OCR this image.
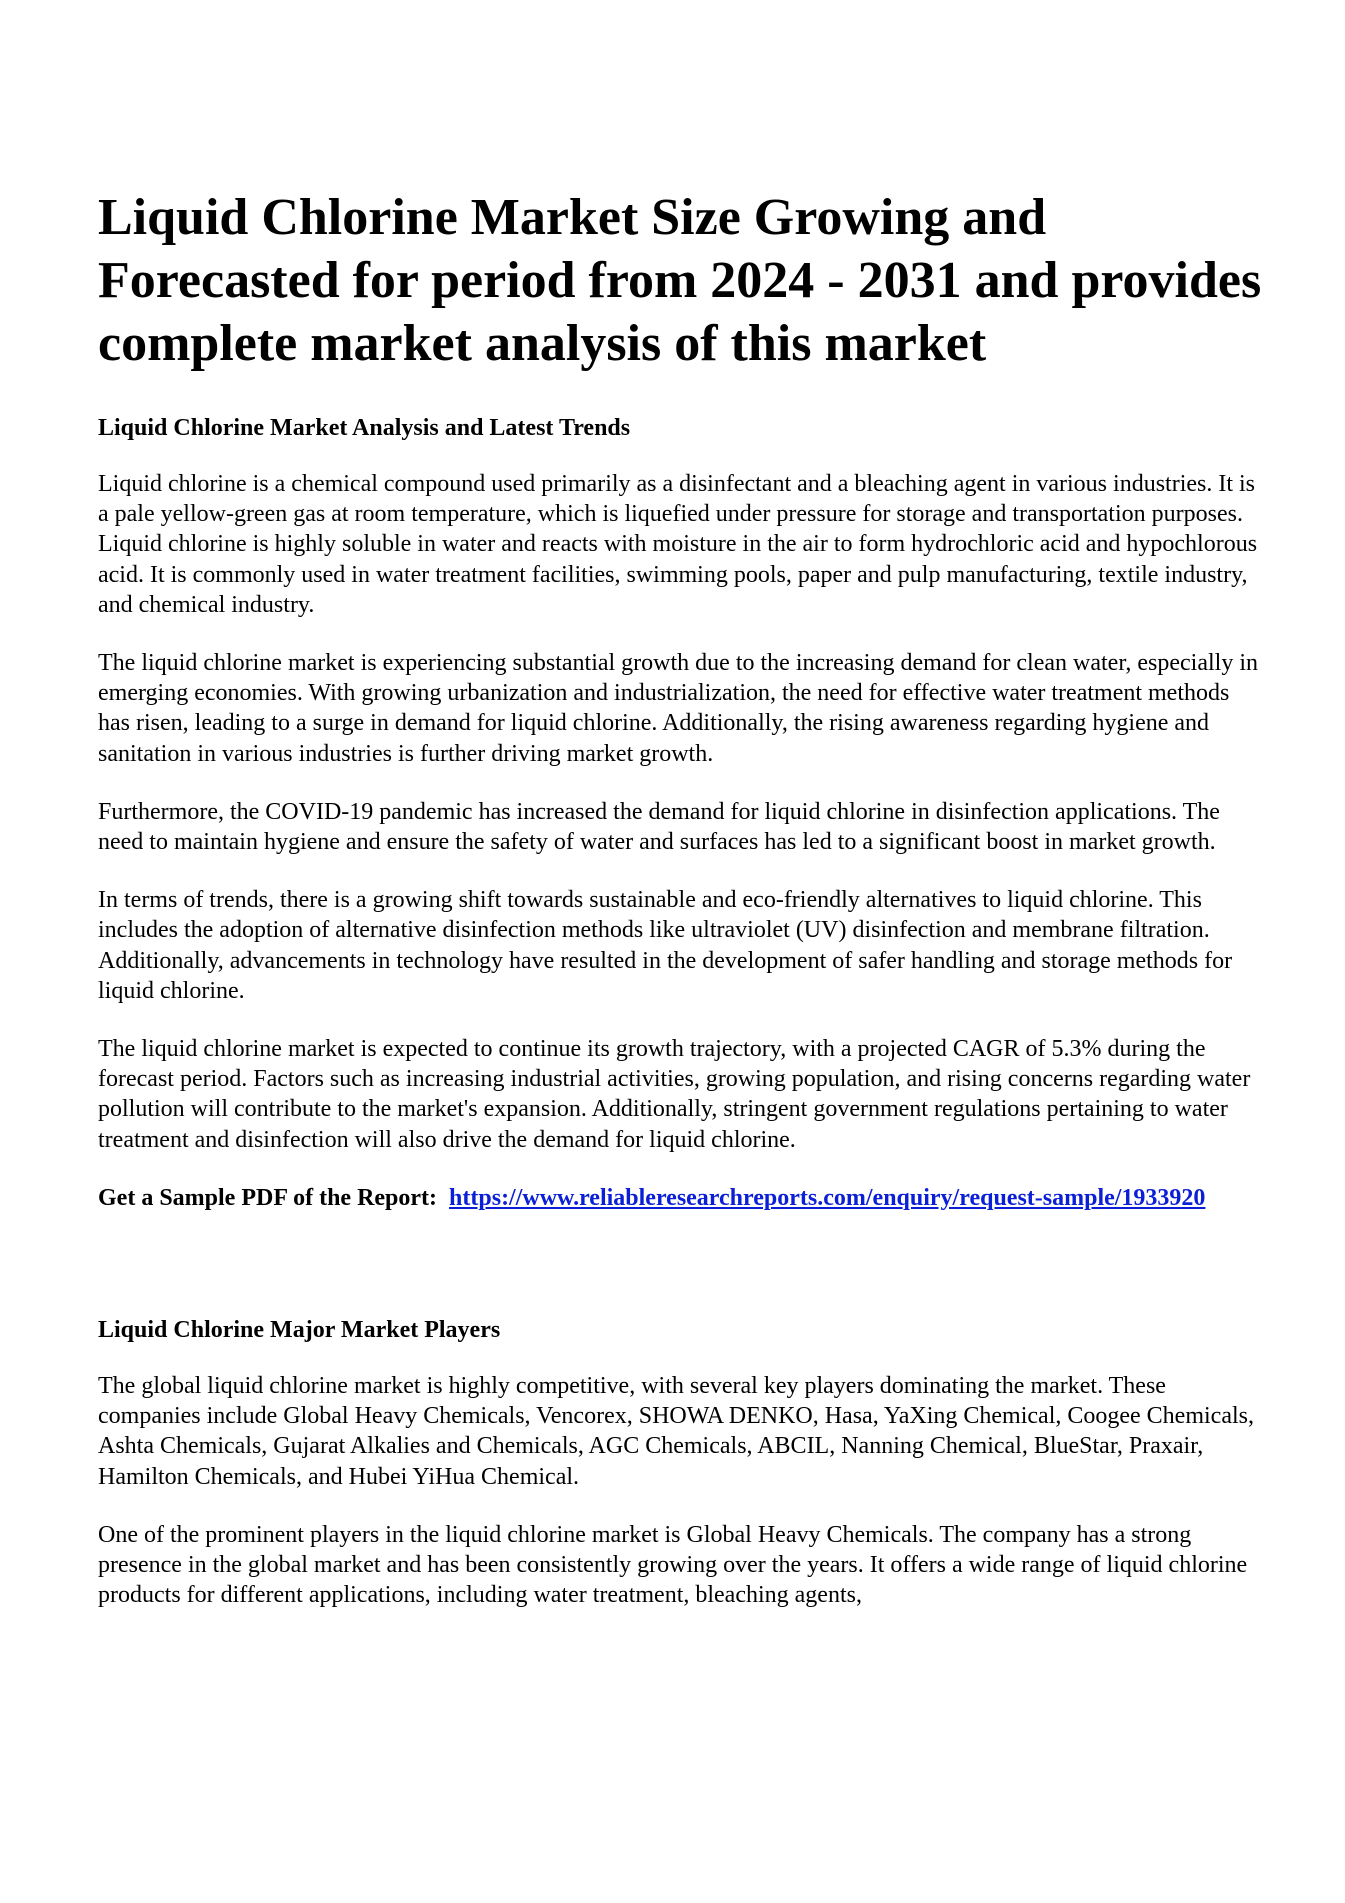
Liquid Chlorine Market Size Growing and Forecasted for period from 2024 - 2031 and provides complete market analysis of this market
Liquid Chlorine Market Analysis and Latest Trends

Liquid chlorine is a chemical compound used primarily as a disinfectant and a bleaching agent in various industries. It is a pale yellow-green gas at room temperature, which is liquefied under pressure for storage and transportation purposes. Liquid chlorine is highly soluble in water and reacts with moisture in the air to form hydrochloric acid and hypochlorous acid. It is commonly used in water treatment facilities, swimming pools, paper and pulp manufacturing, textile industry, and chemical industry.

The liquid chlorine market is experiencing substantial growth due to the increasing demand for clean water, especially in emerging economies. With growing urbanization and industrialization, the need for effective water treatment methods has risen, leading to a surge in demand for liquid chlorine. Additionally, the rising awareness regarding hygiene and sanitation in various industries is further driving market growth.

Furthermore, the COVID-19 pandemic has increased the demand for liquid chlorine in disinfection applications. The need to maintain hygiene and ensure the safety of water and surfaces has led to a significant boost in market growth.

In terms of trends, there is a growing shift towards sustainable and eco-friendly alternatives to liquid chlorine. This includes the adoption of alternative disinfection methods like ultraviolet (UV) disinfection and membrane filtration. Additionally, advancements in technology have resulted in the development of safer handling and storage methods for liquid chlorine.

The liquid chlorine market is expected to continue its growth trajectory, with a projected CAGR of 5.3% during the forecast period. Factors such as increasing industrial activities, growing population, and rising concerns regarding water pollution will contribute to the market's expansion. Additionally, stringent government regulations pertaining to water treatment and disinfection will also drive the demand for liquid chlorine.

Get a Sample PDF of the Report: https://www.reliableresearchreports.com/enquiry/request-sample/1933920

Liquid Chlorine Major Market Players

The global liquid chlorine market is highly competitive, with several key players dominating the market. These companies include Global Heavy Chemicals, Vencorex, SHOWA DENKO, Hasa, YaXing Chemical, Coogee Chemicals, Ashta Chemicals, Gujarat Alkalies and Chemicals, AGC Chemicals, ABCIL, Nanning Chemical, BlueStar, Praxair, Hamilton Chemicals, and Hubei YiHua Chemical.

One of the prominent players in the liquid chlorine market is Global Heavy Chemicals. The company has a strong presence in the global market and has been consistently growing over the years. It offers a wide range of liquid chlorine products for different applications, including water treatment, bleaching agents,
